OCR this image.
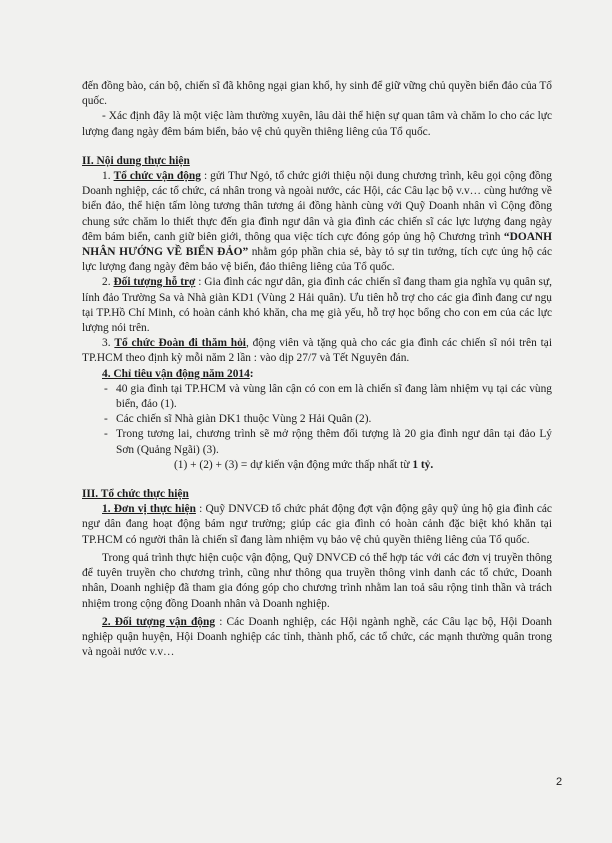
đến đồng bào, cán bộ, chiến sĩ đã không ngại gian khổ, hy sinh để giữ vững chủ quyền biển đảo của Tổ quốc.

- Xác định đây là một việc làm thường xuyên, lâu dài thể hiện sự quan tâm và chăm lo cho các lực lượng đang ngày đêm bám biển, bảo vệ chủ quyền thiêng liêng của Tổ quốc.

II. Nội dung thực hiện

1. Tổ chức vận động : gửi Thư Ngỏ, tổ chức giới thiệu nội dung chương trình, kêu gọi cộng đồng Doanh nghiệp, các tổ chức, cá nhân trong và ngoài nước, các Hội, các Câu lạc bộ v.v… cùng hướng về biển đảo, thể hiện tấm lòng tương thân tương ái đồng hành cùng với Quỹ Doanh nhân vì Cộng đồng chung sức chăm lo thiết thực đến gia đình ngư dân và gia đình các chiến sĩ các lực lượng đang ngày đêm bám biển, canh giữ biên giới, thông qua việc tích cực đóng góp ủng hộ Chương trình “DOANH NHÂN HƯỚNG VỀ BIỂN ĐẢO” nhằm góp phần chia sẻ, bày tỏ sự tin tưởng, tích cực ủng hộ các lực lượng đang ngày đêm bảo vệ biển, đảo thiêng liêng của Tổ quốc.

2. Đối tượng hỗ trợ : Gia đình các ngư dân, gia đình các chiến sĩ đang tham gia nghĩa vụ quân sự, lính đảo Trường Sa và Nhà giàn KD1 (Vùng 2 Hải quân). Ưu tiên hỗ trợ cho các gia đình đang cư ngụ tại TP.Hồ Chí Minh, có hoàn cảnh khó khăn, cha mẹ già yếu, hỗ trợ học bổng cho con em của các lực lượng nói trên.

3. Tổ chức Đoàn đi thăm hỏi, động viên và tặng quà cho các gia đình các chiến sĩ nói trên tại TP.HCM theo định kỳ mỗi năm 2 lần : vào dịp 27/7 và Tết Nguyên đán.

4. Chỉ tiêu vận động năm 2014:

- 40 gia đình tại TP.HCM và vùng lân cận có con em là chiến sĩ đang làm nhiệm vụ tại các vùng biển, đảo (1).
- Các chiến sĩ Nhà giàn DK1 thuộc Vùng 2 Hải Quân (2).
- Trong tương lai, chương trình sẽ mở rộng thêm đối tượng là 20 gia đình ngư dân tại đảo Lý Sơn (Quảng Ngãi) (3).

(1) + (2) + (3) = dự kiến vận động mức thấp nhất từ 1 tỷ.

III. Tổ chức thực hiện

1. Đơn vị thực hiện : Quỹ DNVCĐ tổ chức phát động đợt vận động gây quỹ ủng hộ gia đình các ngư dân đang hoạt động bám ngư trường; giúp các gia đình có hoàn cảnh đặc biệt khó khăn tại TP.HCM có người thân là chiến sĩ đang làm nhiệm vụ bảo vệ chủ quyền thiêng liêng của Tổ quốc.

Trong quá trình thực hiện cuộc vận động, Quỹ DNVCĐ có thể hợp tác với các đơn vị truyền thông để tuyên truyền cho chương trình, cũng như thông qua truyền thông vinh danh các tổ chức, Doanh nhân, Doanh nghiệp đã tham gia đóng góp cho chương trình nhằm lan toả sâu rộng tinh thần và trách nhiệm trong cộng đồng Doanh nhân và Doanh nghiệp.

2. Đối tượng vận động : Các Doanh nghiệp, các Hội ngành nghề, các Câu lạc bộ, Hội Doanh nghiệp quận huyện, Hội Doanh nghiệp các tỉnh, thành phố, các tổ chức, các mạnh thường quân trong và ngoài nước v.v…

2
